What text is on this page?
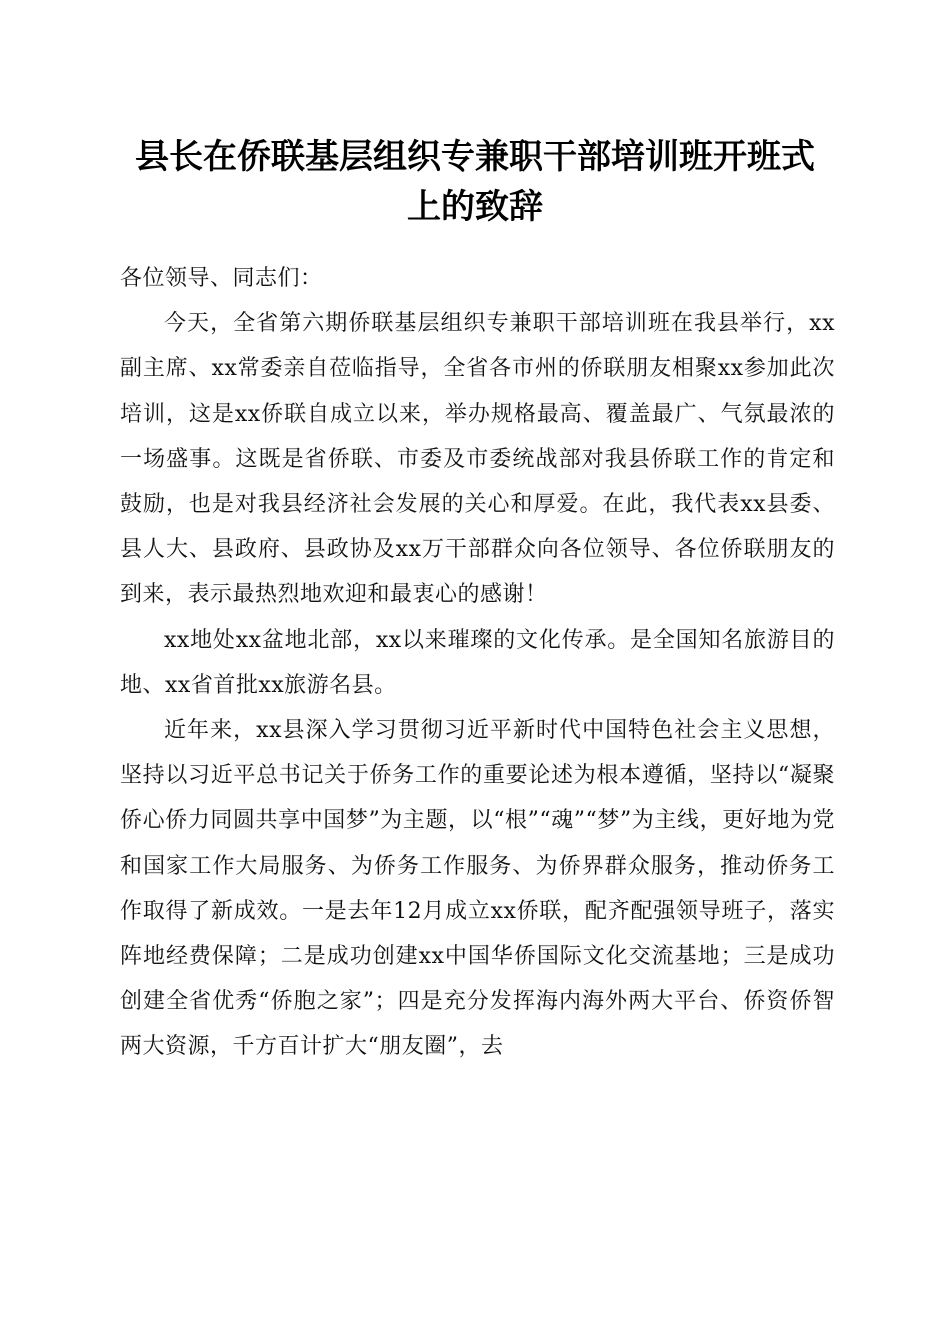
县长在侨联基层组织专兼职干部培训班开班式
上的致辞

各位领导、同志们：

今天，全省第六期侨联基层组织专兼职干部培训班在我县举行，xx副主席、xx常委亲自莅临指导，全省各市州的侨联朋友相聚xx参加此次培训，这是xx侨联自成立以来，举办规格最高、覆盖最广、气氛最浓的一场盛事。这既是省侨联、市委及市委统战部对我县侨联工作的肯定和鼓励，也是对我县经济社会发展的关心和厚爱。在此，我代表xx县委、县人大、县政府、县政协及xx万干部群众向各位领导、各位侨联朋友的到来，表示最热烈地欢迎和最衷心的感谢！

xx地处xx盆地北部，xx以来璀璨的文化传承。是全国知名旅游目的地、xx省首批xx旅游名县。

近年来，xx县深入学习贯彻习近平新时代中国特色社会主义思想，坚持以习近平总书记关于侨务工作的重要论述为根本遵循，坚持以“凝聚侨心侨力同圆共享中国梦”为主题，以“根”“魂”“梦”为主线，更好地为党和国家工作大局服务、为侨务工作服务、为侨界群众服务，推动侨务工作取得了新成效。一是去年12月成立xx侨联，配齐配强领导班子，落实阵地经费保障；二是成功创建xx中国华侨国际文化交流基地；三是成功创建全省优秀“侨胞之家”；四是充分发挥海内海外两大平台、侨资侨智两大资源，千方百计扩大“朋友圈”，去
